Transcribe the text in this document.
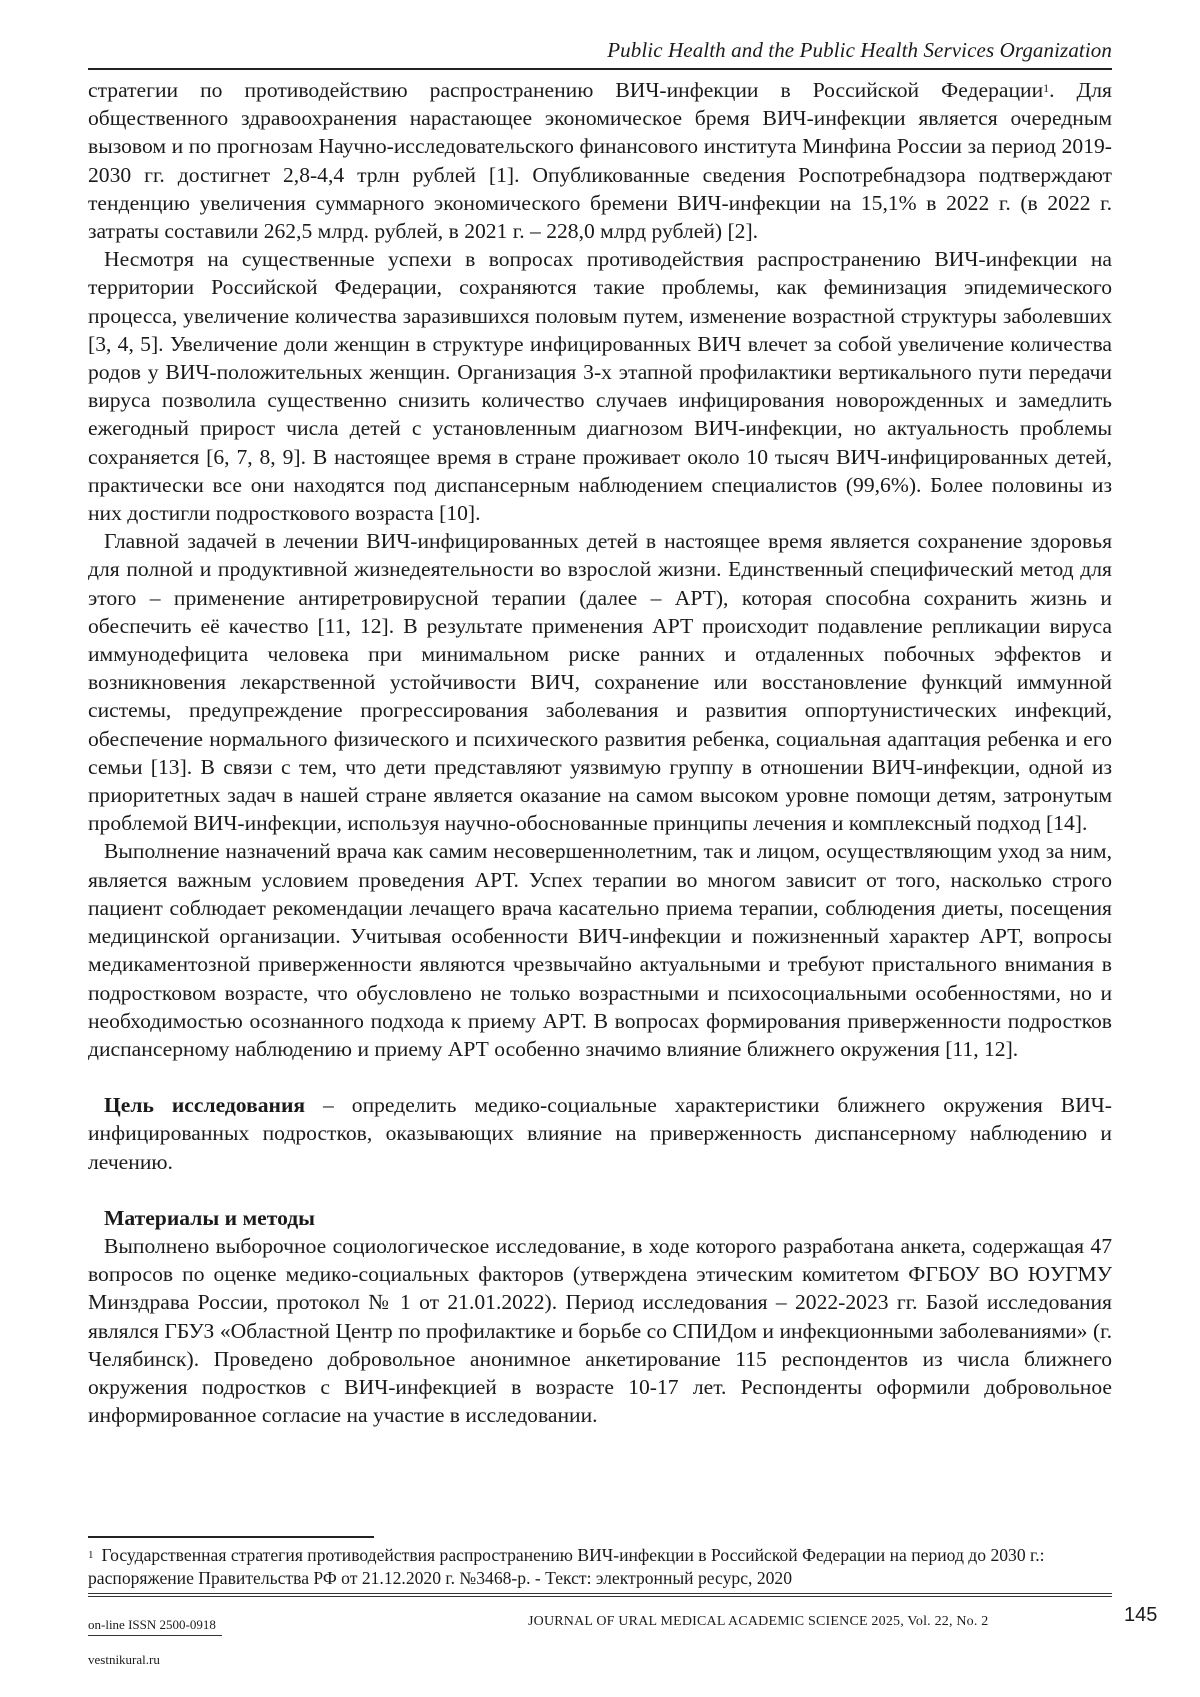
Public Health and the Public Health Services Organization

стратегии по противодействию распространению ВИЧ-инфекции в Российской Федерации$^1$. Для общественного здравоохранения нарастающее экономическое бремя ВИЧ-инфекции является очередным вызовом и по прогнозам Научно-исследовательского финансового института Минфина России за период 2019-2030 гг. достигнет 2,8-4,4 трлн рублей [1]. Опубликованные сведения Роспотребнадзора подтверждают тенденцию увеличения суммарного экономического бремени ВИЧ-инфекции на 15,1% в 2022 г. (в 2022 г. затраты составили 262,5 млрд. рублей, в 2021 г. – 228,0 млрд рублей) [2].

Несмотря на существенные успехи в вопросах противодействия распространению ВИЧ-инфекции на территории Российской Федерации, сохраняются такие проблемы, как феминизация эпидемического процесса, увеличение количества заразившихся половым путем, изменение возрастной структуры заболевших [3, 4, 5]. Увеличение доли женщин в структуре инфицированных ВИЧ влечет за собой увеличение количества родов у ВИЧ-положительных женщин. Организация 3-х этапной профилактики вертикального пути передачи вируса позволила существенно снизить количество случаев инфицирования новорожденных и замедлить ежегодный прирост числа детей с установленным диагнозом ВИЧ-инфекции, но актуальность проблемы сохраняется [6, 7, 8, 9]. В настоящее время в стране проживает около 10 тысяч ВИЧ-инфицированных детей, практически все они находятся под диспансерным наблюдением специалистов (99,6%). Более половины из них достигли подросткового возраста [10].

Главной задачей в лечении ВИЧ-инфицированных детей в настоящее время является сохранение здоровья для полной и продуктивной жизнедеятельности во взрослой жизни. Единственный специфический метод для этого – применение антиретровирусной терапии (далее – АРТ), которая способна сохранить жизнь и обеспечить её качество [11, 12]. В результате применения АРТ происходит подавление репликации вируса иммунодефицита человека при минимальном риске ранних и отдаленных побочных эффектов и возникновения лекарственной устойчивости ВИЧ, сохранение или восстановление функций иммунной системы, предупреждение прогрессирования заболевания и развития оппортунистических инфекций, обеспечение нормального физического и психического развития ребенка, социальная адаптация ребенка и его семьи [13]. В связи с тем, что дети представляют уязвимую группу в отношении ВИЧ-инфекции, одной из приоритетных задач в нашей стране является оказание на самом высоком уровне помощи детям, затронутым проблемой ВИЧ-инфекции, используя научно-обоснованные принципы лечения и комплексный подход [14].

Выполнение назначений врача как самим несовершеннолетним, так и лицом, осуществляющим уход за ним, является важным условием проведения АРТ. Успех терапии во многом зависит от того, насколько строго пациент соблюдает рекомендации лечащего врача касательно приема терапии, соблюдения диеты, посещения медицинской организации. Учитывая особенности ВИЧ-инфекции и пожизненный характер АРТ, вопросы медикаментозной приверженности являются чрезвычайно актуальными и требуют пристального внимания в подростковом возрасте, что обусловлено не только возрастными и психосоциальными особенностями, но и необходимостью осознанного подхода к приему АРТ. В вопросах формирования приверженности подростков диспансерному наблюдению и приему АРТ особенно значимо влияние ближнего окружения [11, 12].

Цель исследования – определить медико-социальные характеристики ближнего окружения ВИЧ-инфицированных подростков, оказывающих влияние на приверженность диспансерному наблюдению и лечению.

Материалы и методы

Выполнено выборочное социологическое исследование, в ходе которого разработана анкета, содержащая 47 вопросов по оценке медико-социальных факторов (утверждена этическим комитетом ФГБОУ ВО ЮУГМУ Минздрава России, протокол № 1 от 21.01.2022). Период исследования – 2022-2023 гг. Базой исследования являлся ГБУЗ «Областной Центр по профилактике и борьбе со СПИДом и инфекционными заболеваниями» (г. Челябинск). Проведено добровольное анонимное анкетирование 115 респондентов из числа ближнего окружения подростков с ВИЧ-инфекцией в возрасте 10-17 лет. Респонденты оформили добровольное информированное согласие на участие в исследовании.

$^1$ Государственная стратегия противодействия распространению ВИЧ-инфекции в Российской Федерации на период до 2030 г.: распоряжение Правительства РФ от 21.12.2020 г. №3468-р. - Текст: электронный ресурс, 2020
on-line ISSN 2500-0918
vestnikural.ru
JOURNAL OF URAL MEDICAL ACADEMIC SCIENCE 2025, Vol. 22, No. 2	145
